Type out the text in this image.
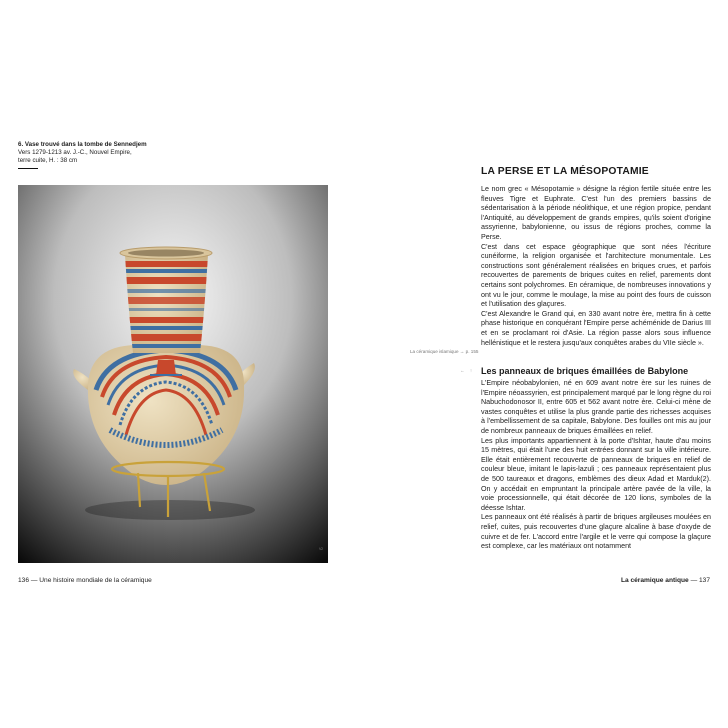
6. Vase trouvé dans la tombe de Sennedjem
Vers 1279-1213 av. J.-C., Nouvel Empire,
terre cuite, H. : 38 cm
6
La céramique islamique → p. 155
← ↑
LA PERSE ET LA MÉSOPOTAMIE

Le nom grec « Mésopotamie » désigne la région fertile située entre les fleuves Tigre et Euphrate. C'est l'un des premiers bassins de sédentarisation à la période néolithique, et une région propice, pendant l'Antiquité, au développement de grands empires, qu'ils soient d'origine assyrienne, babylonienne, ou issus de régions proches, comme la Perse.

C'est dans cet espace géographique que sont nées l'écriture cunéiforme, la religion organisée et l'architecture monumentale. Les constructions sont généralement réalisées en briques crues, et parfois recouvertes de parements de briques cuites en relief, parements dont certains sont polychromes. En céramique, de nombreuses innovations y ont vu le jour, comme le moulage, la mise au point des fours de cuisson et l'utilisation des glaçures.

C'est Alexandre le Grand qui, en 330 avant notre ère, mettra fin à cette phase historique en conquérant l'Empire perse achéménide de Darius III et en se proclamant roi d'Asie. La région passe alors sous influence hellénistique et le restera jusqu'aux conquêtes arabes du VIIe siècle ».

Les panneaux de briques émaillées de Babylone

L'Empire néobabylonien, né en 609 avant notre ère sur les ruines de l'Empire néoassyrien, est principalement marqué par le long règne du roi Nabuchodonosor II, entre 605 et 562 avant notre ère. Celui-ci mène de vastes conquêtes et utilise la plus grande partie des richesses acquises à l'embellissement de sa capitale, Babylone. Des fouilles ont mis au jour de nombreux panneaux de briques émaillées en relief.

Les plus importants appartiennent à la porte d'Ishtar, haute d'au moins 15 mètres, qui était l'une des huit entrées donnant sur la ville intérieure. Elle était entièrement recouverte de panneaux de briques en relief de couleur bleue, imitant le lapis-lazuli ; ces panneaux représentaient plus de 500 taureaux et dragons, emblèmes des dieux Adad et Marduk(2). On y accédait en empruntant la principale artère pavée de la ville, la voie processionnelle, qui était décorée de 120 lions, symboles de la déesse Ishtar.

Les panneaux ont été réalisés à partir de briques argileuses moulées en relief, cuites, puis recouvertes d'une glaçure alcaline à base d'oxyde de cuivre et de fer. L'accord entre l'argile et le verre qui compose la glaçure est complexe, car les matériaux ont notamment

136 — Une histoire mondiale de la céramique	La céramique antique — 137
